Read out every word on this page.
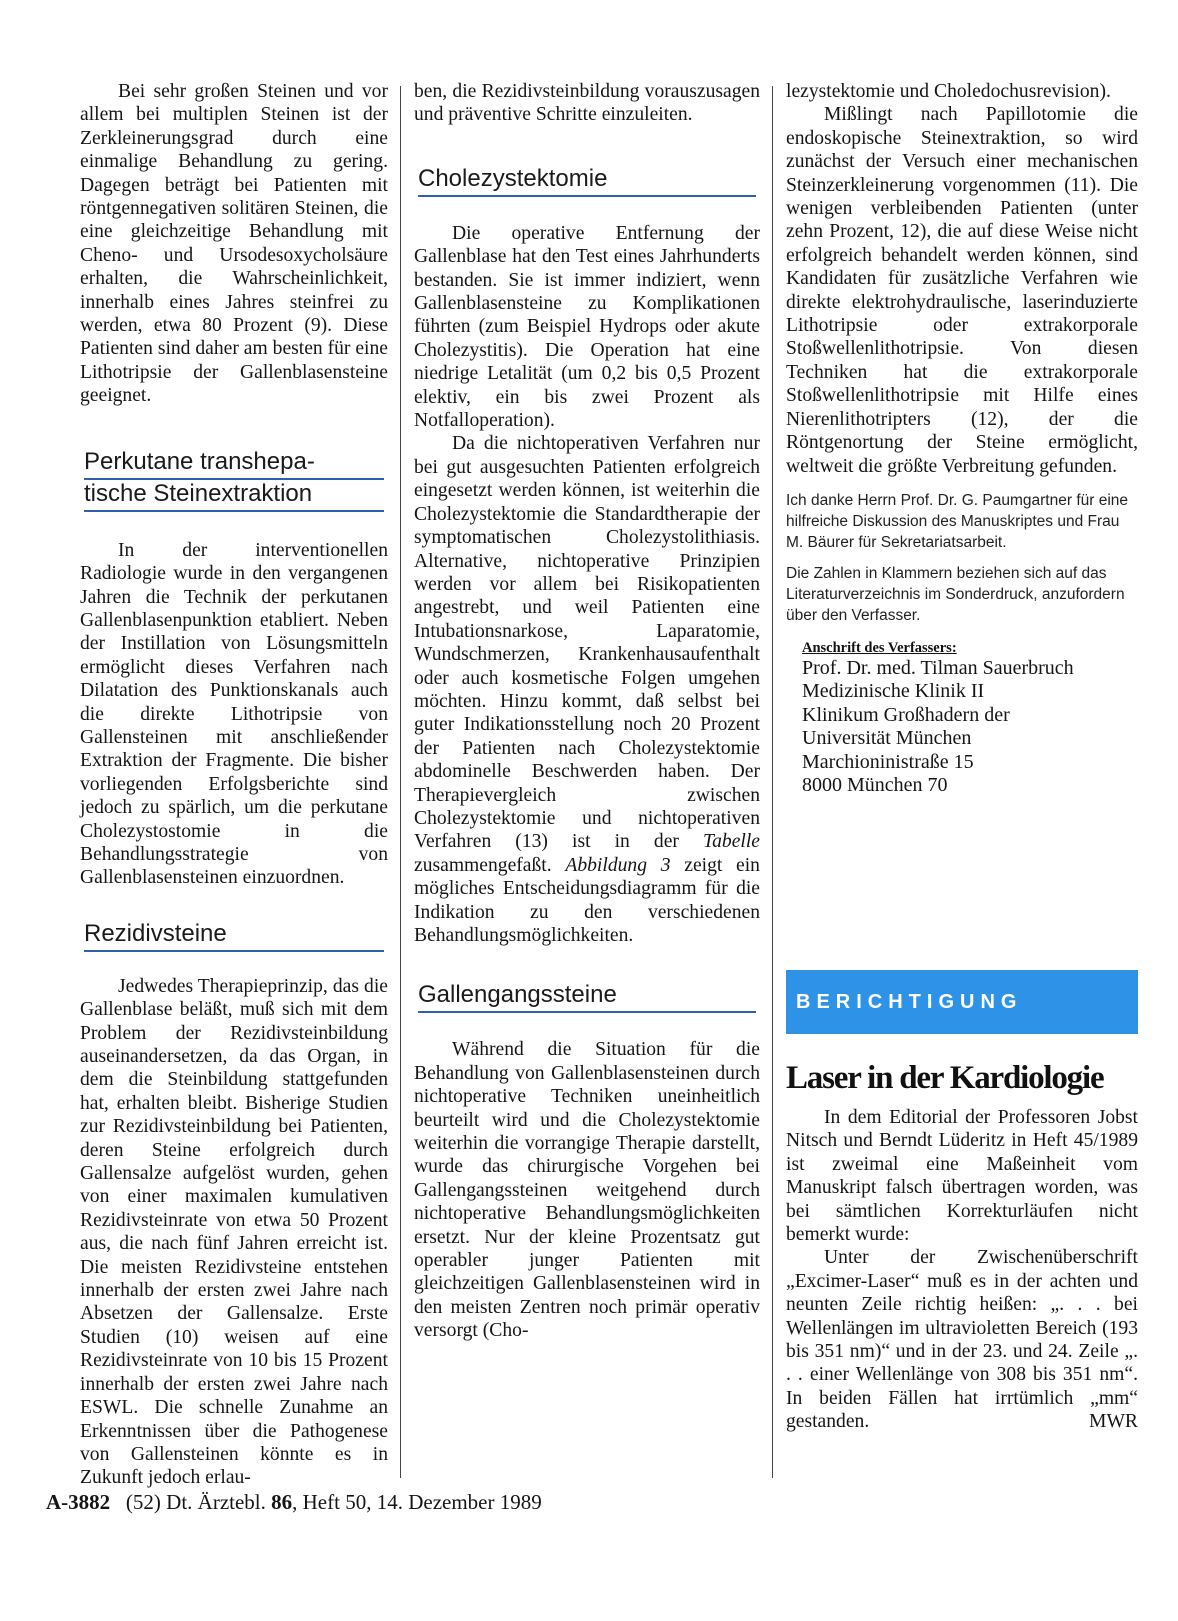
Bei sehr großen Steinen und vor allem bei multiplen Steinen ist der Zerkleinerungsgrad durch eine einmalige Behandlung zu gering. Dagegen beträgt bei Patienten mit röntgennegativen solitären Steinen, die eine gleichzeitige Behandlung mit Cheno- und Ursodesoxycholsäure erhalten, die Wahrscheinlichkeit, innerhalb eines Jahres steinfrei zu werden, etwa 80 Prozent (9). Diese Patienten sind daher am besten für eine Lithotripsie der Gallenblasensteine geeignet.

Perkutane transhepa-
tische Steinextraktion

In der interventionellen Radiologie wurde in den vergangenen Jahren die Technik der perkutanen Gallenblasenpunktion etabliert. Neben der Instillation von Lösungsmitteln ermöglicht dieses Verfahren nach Dilatation des Punktionskanals auch die direkte Lithotripsie von Gallensteinen mit anschließender Extraktion der Fragmente. Die bisher vorliegenden Erfolgsberichte sind jedoch zu spärlich, um die perkutane Cholezystostomie in die Behandlungsstrategie von Gallenblasensteinen einzuordnen.

Rezidivsteine

Jedwedes Therapieprinzip, das die Gallenblase beläßt, muß sich mit dem Problem der Rezidivsteinbildung auseinandersetzen, da das Organ, in dem die Steinbildung stattgefunden hat, erhalten bleibt. Bisherige Studien zur Rezidivsteinbildung bei Patienten, deren Steine erfolgreich durch Gallensalze aufgelöst wurden, gehen von einer maximalen kumulativen Rezidivsteinrate von etwa 50 Prozent aus, die nach fünf Jahren erreicht ist. Die meisten Rezidivsteine entstehen innerhalb der ersten zwei Jahre nach Absetzen der Gallensalze. Erste Studien (10) weisen auf eine Rezidivsteinrate von 10 bis 15 Prozent innerhalb der ersten zwei Jahre nach ESWL. Die schnelle Zunahme an Erkenntnissen über die Pathogenese von Gallensteinen könnte es in Zukunft jedoch erlau-

ben, die Rezidivsteinbildung vorauszusagen und präventive Schritte einzuleiten.

Cholezystektomie

Die operative Entfernung der Gallenblase hat den Test eines Jahrhunderts bestanden. Sie ist immer indiziert, wenn Gallenblasensteine zu Komplikationen führten (zum Beispiel Hydrops oder akute Cholezystitis). Die Operation hat eine niedrige Letalität (um 0,2 bis 0,5 Prozent elektiv, ein bis zwei Prozent als Notfalloperation).

Da die nichtoperativen Verfahren nur bei gut ausgesuchten Patienten erfolgreich eingesetzt werden können, ist weiterhin die Cholezystektomie die Standardtherapie der symptomatischen Cholezystolithiasis. Alternative, nichtoperative Prinzipien werden vor allem bei Risikopatienten angestrebt, und weil Patienten eine Intubationsnarkose, Laparatomie, Wundschmerzen, Krankenhausaufenthalt oder auch kosmetische Folgen umgehen möchten. Hinzu kommt, daß selbst bei guter Indikationsstellung noch 20 Prozent der Patienten nach Cholezystektomie abdominelle Beschwerden haben. Der Therapievergleich zwischen Cholezystektomie und nichtoperativen Verfahren (13) ist in der Tabelle zusammengefaßt. Abbildung 3 zeigt ein mögliches Entscheidungsdiagramm für die Indikation zu den verschiedenen Behandlungsmöglichkeiten.

Gallengangssteine

Während die Situation für die Behandlung von Gallenblasensteinen durch nichtoperative Techniken uneinheitlich beurteilt wird und die Cholezystektomie weiterhin die vorrangige Therapie darstellt, wurde das chirurgische Vorgehen bei Gallengangssteinen weitgehend durch nichtoperative Behandlungsmöglichkeiten ersetzt. Nur der kleine Prozentsatz gut operabler junger Patienten mit gleichzeitigen Gallenblasensteinen wird in den meisten Zentren noch primär operativ versorgt (Cho-

lezystektomie und Choledochusrevision).

Mißlingt nach Papillotomie die endoskopische Steinextraktion, so wird zunächst der Versuch einer mechanischen Steinzerkleinerung vorgenommen (11). Die wenigen verbleibenden Patienten (unter zehn Prozent, 12), die auf diese Weise nicht erfolgreich behandelt werden können, sind Kandidaten für zusätzliche Verfahren wie direkte elektrohydraulische, laserinduzierte Lithotripsie oder extrakorporale Stoßwellenlithotripsie. Von diesen Techniken hat die extrakorporale Stoßwellenlithotripsie mit Hilfe eines Nierenlithotripters (12), der die Röntgenortung der Steine ermöglicht, weltweit die größte Verbreitung gefunden.

Ich danke Herrn Prof. Dr. G. Paumgartner für eine hilfreiche Diskussion des Manuskriptes und Frau M. Bäurer für Sekretariatsarbeit.

Die Zahlen in Klammern beziehen sich auf das Literaturverzeichnis im Sonderdruck, anzufordern über den Verfasser.

Anschrift des Verfassers:

Prof. Dr. med. Tilman Sauerbruch

Medizinische Klinik II

Klinikum Großhadern der

Universität München

Marchioninistraße 15

8000 München 70

BERICHTIGUNG
Laser in der Kardiologie

In dem Editorial der Professoren Jobst Nitsch und Berndt Lüderitz in Heft 45/1989 ist zweimal eine Maßeinheit vom Manuskript falsch übertragen worden, was bei sämtlichen Korrekturläufen nicht bemerkt wurde:

Unter der Zwischenüberschrift „Excimer-Laser“ muß es in der achten und neunten Zeile richtig heißen: „. . . bei Wellenlängen im ultravioletten Bereich (193 bis 351 nm)“ und in der 23. und 24. Zeile „. . . einer Wellenlänge von 308 bis 351 nm“. In beiden Fällen hat irrtümlich „mm“ gestanden.	MWR

A-3882 (52) Dt. Ärztebl. 86, Heft 50, 14. Dezember 1989
